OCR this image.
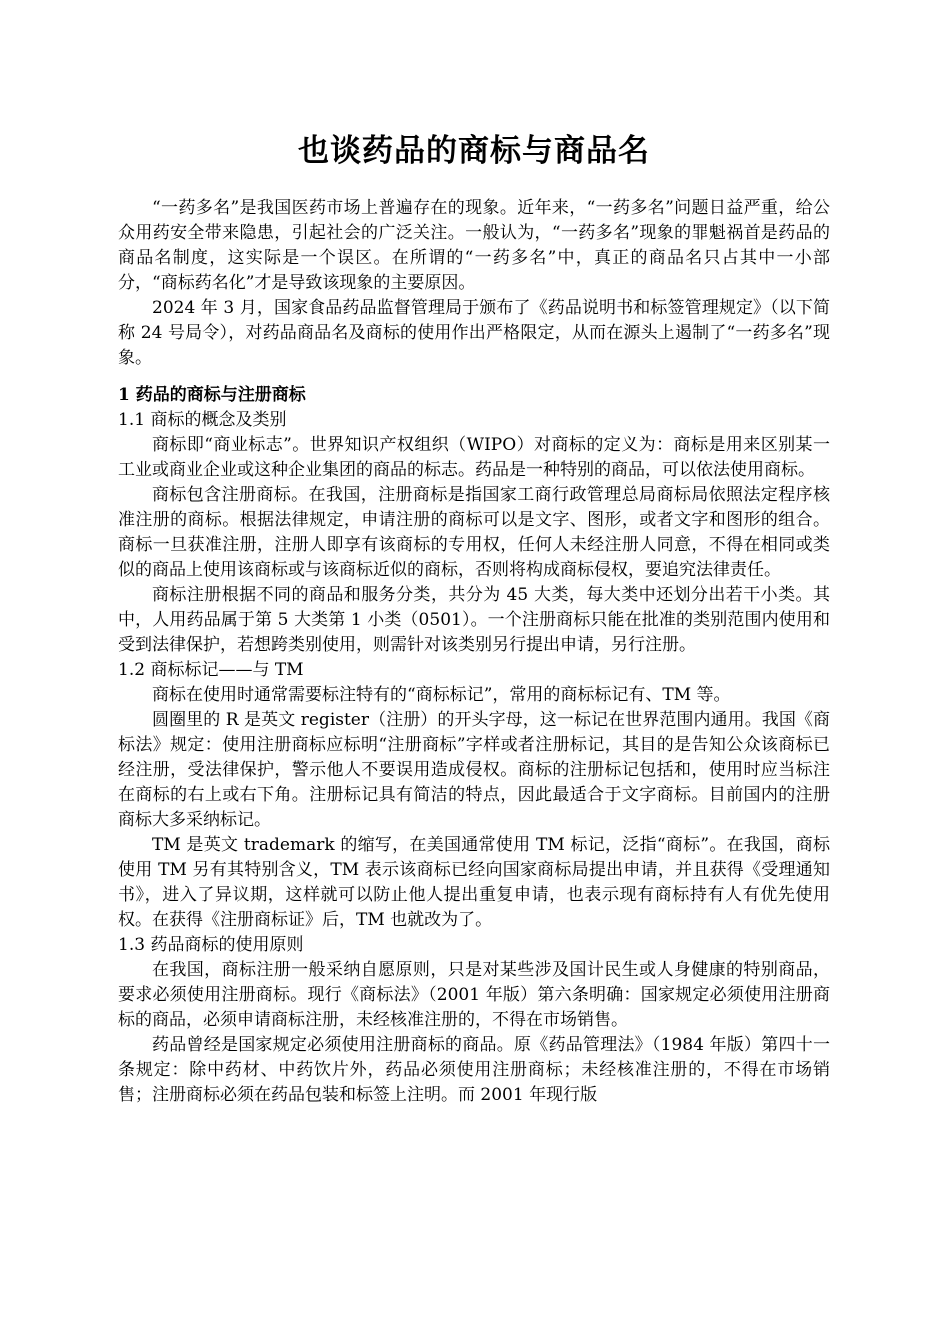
也谈药品的商标与商品名

“一药多名”是我国医药市场上普遍存在的现象。近年来，“一药多名”问题日益严重，给公众用药安全带来隐患，引起社会的广泛关注。一般认为，“一药多名”现象的罪魁祸首是药品的商品名制度，这实际是一个误区。在所谓的“一药多名”中，真正的商品名只占其中一小部分，“商标药名化”才是导致该现象的主要原因。

2024 年 3 月，国家食品药品监督管理局于颁布了《药品说明书和标签管理规定》（以下简称 24 号局令），对药品商品名及商标的使用作出严格限定，从而在源头上遏制了“一药多名”现象。

1 药品的商标与注册商标
1.1 商标的概念及类别

商标即“商业标志”。世界知识产权组织（WIPO）对商标的定义为：商标是用来区别某一工业或商业企业或这种企业集团的商品的标志。药品是一种特别的商品，可以依法使用商标。

商标包含注册商标。在我国，注册商标是指国家工商行政管理总局商标局依照法定程序核准注册的商标。根据法律规定，申请注册的商标可以是文字、图形，或者文字和图形的组合。商标一旦获准注册，注册人即享有该商标的专用权，任何人未经注册人同意，不得在相同或类似的商品上使用该商标或与该商标近似的商标，否则将构成商标侵权，要追究法律责任。

商标注册根据不同的商品和服务分类，共分为 45 大类，每大类中还划分出若干小类。其中，人用药品属于第 5 大类第 1 小类（0501）。一个注册商标只能在批准的类别范围内使用和受到法律保护，若想跨类别使用，则需针对该类别另行提出申请，另行注册。

1.2 商标标记——与 TM

商标在使用时通常需要标注特有的“商标标记”，常用的商标标记有、TM 等。

圆圈里的 R 是英文 register（注册）的开头字母，这一标记在世界范围内通用。我国《商标法》规定：使用注册商标应标明“注册商标”字样或者注册标记，其目的是告知公众该商标已经注册，受法律保护，警示他人不要误用造成侵权。商标的注册标记包括和，使用时应当标注在商标的右上或右下角。注册标记具有简洁的特点，因此最适合于文字商标。目前国内的注册商标大多采纳标记。

TM 是英文 trademark 的缩写，在美国通常使用 TM 标记，泛指“商标”。在我国，商标使用 TM 另有其特别含义，TM 表示该商标已经向国家商标局提出申请，并且获得《受理通知书》，进入了异议期，这样就可以防止他人提出重复申请，也表示现有商标持有人有优先使用权。在获得《注册商标证》后，TM 也就改为了。

1.3 药品商标的使用原则

在我国，商标注册一般采纳自愿原则，只是对某些涉及国计民生或人身健康的特别商品，要求必须使用注册商标。现行《商标法》（2001 年版）第六条明确：国家规定必须使用注册商标的商品，必须申请商标注册，未经核准注册的，不得在市场销售。

药品曾经是国家规定必须使用注册商标的商品。原《药品管理法》（1984 年版）第四十一条规定：除中药材、中药饮片外，药品必须使用注册商标；未经核准注册的，不得在市场销售；注册商标必须在药品包装和标签上注明。而 2001 年现行版
